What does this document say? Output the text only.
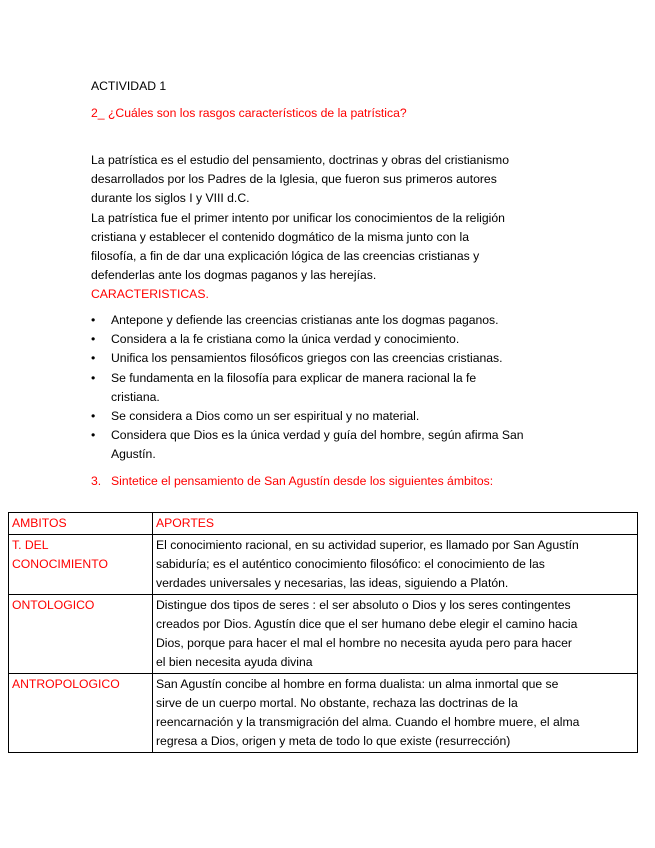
ACTIVIDAD 1
2_ ¿Cuáles son los rasgos característicos de la patrística?
La patrística es el estudio del pensamiento, doctrinas y obras del cristianismo
desarrollados por los Padres de la Iglesia, que fueron sus primeros autores
durante los siglos I y VIII d.C.
La patrística fue el primer intento por unificar los conocimientos de la religión
cristiana y establecer el contenido dogmático de la misma junto con la
filosofía, a fin de dar una explicación lógica de las creencias cristianas y
defenderlas ante los dogmas paganos y las herejías.
CARACTERISTICAS.
• Antepone y defiende las creencias cristianas ante los dogmas paganos.
• Considera a la fe cristiana como la única verdad y conocimiento.
• Unifica los pensamientos filosóficos griegos con las creencias cristianas.
• Se fundamenta en la filosofía para explicar de manera racional la fe
cristiana.
• Se considera a Dios como un ser espiritual y no material.
• Considera que Dios es la única verdad y guía del hombre, según afirma San
Agustín.
3. Sintetice el pensamiento de San Agustín desde los siguientes ámbitos:
AMBITOS	APORTES

T. DEL
CONOCIMIENTO	El conocimiento racional, en su actividad superior, es llamado por San Agustín
sabiduría; es el auténtico conocimiento filosófico: el conocimiento de las
verdades universales y necesarias, las ideas, siguiendo a Platón.

ONTOLOGICO	Distingue dos tipos de seres : el ser absoluto o Dios y los seres contingentes
creados por Dios. Agustín dice que el ser humano debe elegir el camino hacia
Dios, porque para hacer el mal el hombre no necesita ayuda pero para hacer
el bien necesita ayuda divina

ANTROPOLOGICO	San Agustín concibe al hombre en forma dualista: un alma inmortal que se
sirve de un cuerpo mortal. No obstante, rechaza las doctrinas de la
reencarnación y la transmigración del alma. Cuando el hombre muere, el alma
regresa a Dios, origen y meta de todo lo que existe (resurrección)
